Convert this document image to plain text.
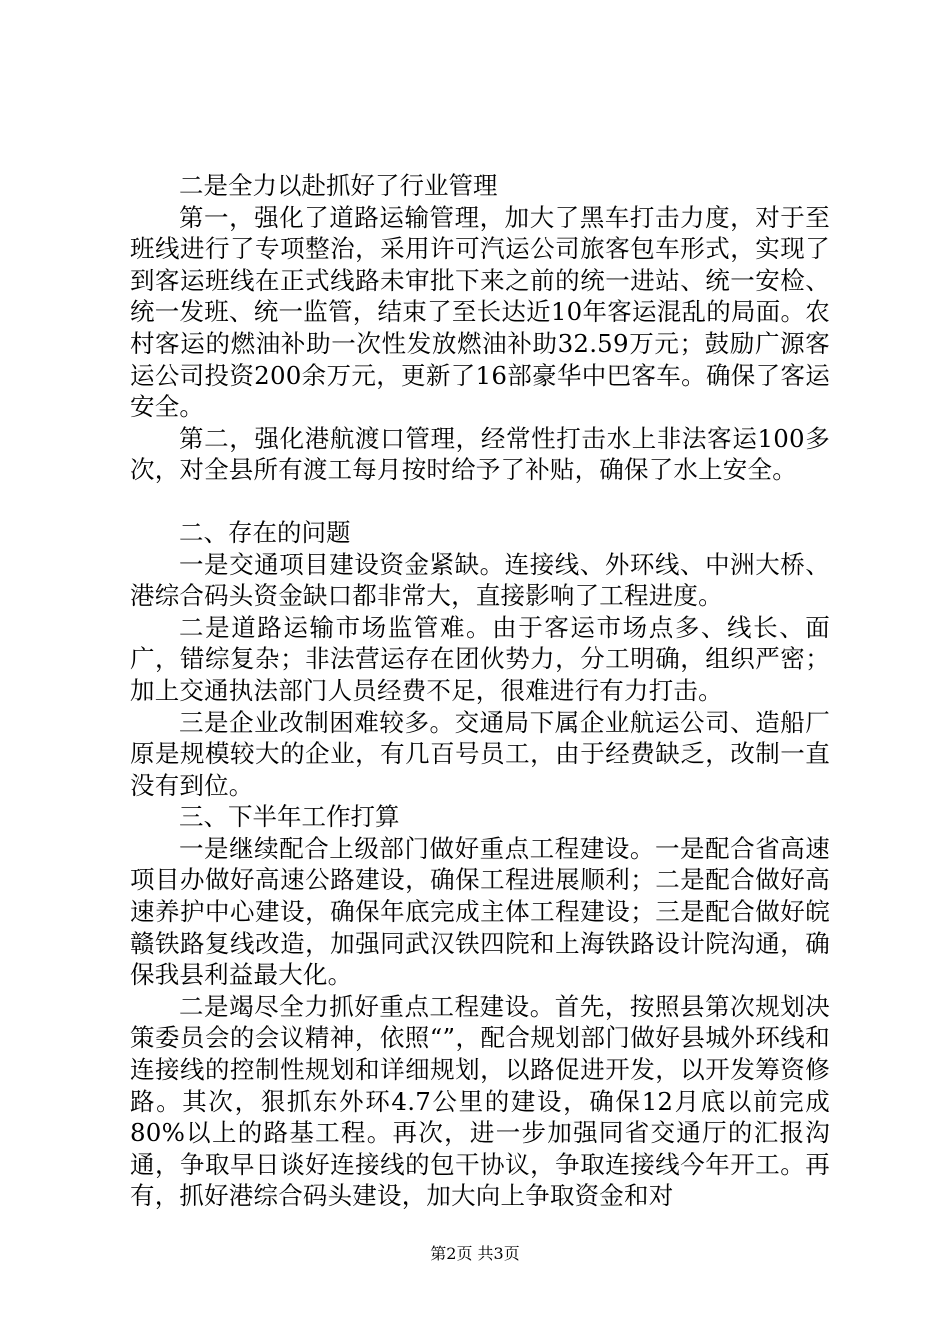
二是全力以赴抓好了行业管理

第一，强化了道路运输管理，加大了黑车打击力度，对于至班线进行了专项整治，采用许可汽运公司旅客包车形式，实现了到客运班线在正式线路未审批下来之前的统一进站、统一安检、统一发班、统一监管，结束了至长达近10年客运混乱的局面。农村客运的燃油补助一次性发放燃油补助32.59万元；鼓励广源客运公司投资200余万元，更新了16部豪华中巴客车。确保了客运安全。

第二，强化港航渡口管理，经常性打击水上非法客运100多次，对全县所有渡工每月按时给予了补贴，确保了水上安全。

二、存在的问题

一是交通项目建设资金紧缺。连接线、外环线、中洲大桥、港综合码头资金缺口都非常大，直接影响了工程进度。

二是道路运输市场监管难。由于客运市场点多、线长、面广，错综复杂；非法营运存在团伙势力，分工明确，组织严密；加上交通执法部门人员经费不足，很难进行有力打击。

三是企业改制困难较多。交通局下属企业航运公司、造船厂原是规模较大的企业，有几百号员工，由于经费缺乏，改制一直没有到位。

三、下半年工作打算

一是继续配合上级部门做好重点工程建设。一是配合省高速项目办做好高速公路建设，确保工程进展顺利；二是配合做好高速养护中心建设，确保年底完成主体工程建设；三是配合做好皖赣铁路复线改造，加强同武汉铁四院和上海铁路设计院沟通，确保我县利益最大化。

二是竭尽全力抓好重点工程建设。首先，按照县第次规划决策委员会的会议精神，依照“”，配合规划部门做好县城外环线和连接线的控制性规划和详细规划，以路促进开发，以开发筹资修路。其次，狠抓东外环4.7公里的建设，确保12月底以前完成80%以上的路基工程。再次，进一步加强同省交通厅的汇报沟通，争取早日谈好连接线的包干协议，争取连接线今年开工。再有，抓好港综合码头建设，加大向上争取资金和对

第2页 共3页
